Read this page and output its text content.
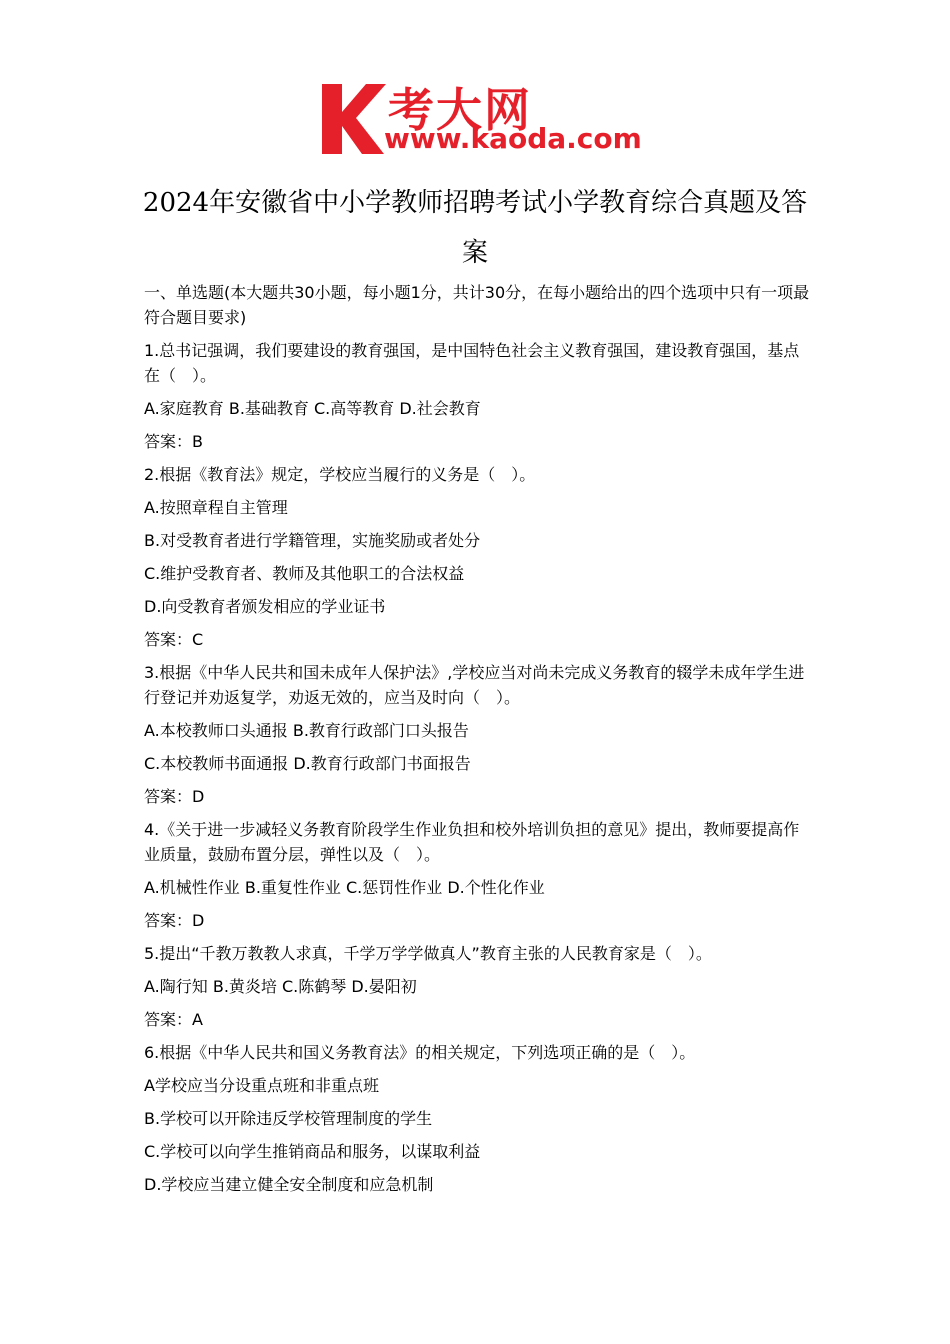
考大网
www.kaoda.com
2024年安徽省中小学教师招聘考试小学教育综合真题及答案

一、单选题(本大题共30小题，每小题1分，共计30分，在每小题给出的四个选项中只有一项最符合题目要求)

1.总书记强调，我们要建设的教育强国，是中国特色社会主义教育强国，建设教育强国，基点在（　）。

A.家庭教育 B.基础教育 C.高等教育 D.社会教育

答案：B

2.根据《教育法》规定，学校应当履行的义务是（　）。

A.按照章程自主管理

B.对受教育者进行学籍管理，实施奖励或者处分

C.维护受教育者、教师及其他职工的合法权益

D.向受教育者颁发相应的学业证书

答案：C

3.根据《中华人民共和国未成年人保护法》,学校应当对尚未完成义务教育的辍学未成年学生进行登记并劝返复学，劝返无效的，应当及时向（　）。

A.本校教师口头通报 B.教育行政部门口头报告

C.本校教师书面通报 D.教育行政部门书面报告

答案：D

4.《关于进一步减轻义务教育阶段学生作业负担和校外培训负担的意见》提出，教师要提高作业质量，鼓励布置分层，弹性以及（　）。

A.机械性作业 B.重复性作业 C.惩罚性作业 D.个性化作业

答案：D

5.提出“千教万教教人求真，千学万学学做真人”教育主张的人民教育家是（　）。

A.陶行知 B.黄炎培 C.陈鹤琴 D.晏阳初

答案：A

6.根据《中华人民共和国义务教育法》的相关规定，下列选项正确的是（　）。

A学校应当分设重点班和非重点班

B.学校可以开除违反学校管理制度的学生

C.学校可以向学生推销商品和服务，以谋取利益

D.学校应当建立健全安全制度和应急机制
